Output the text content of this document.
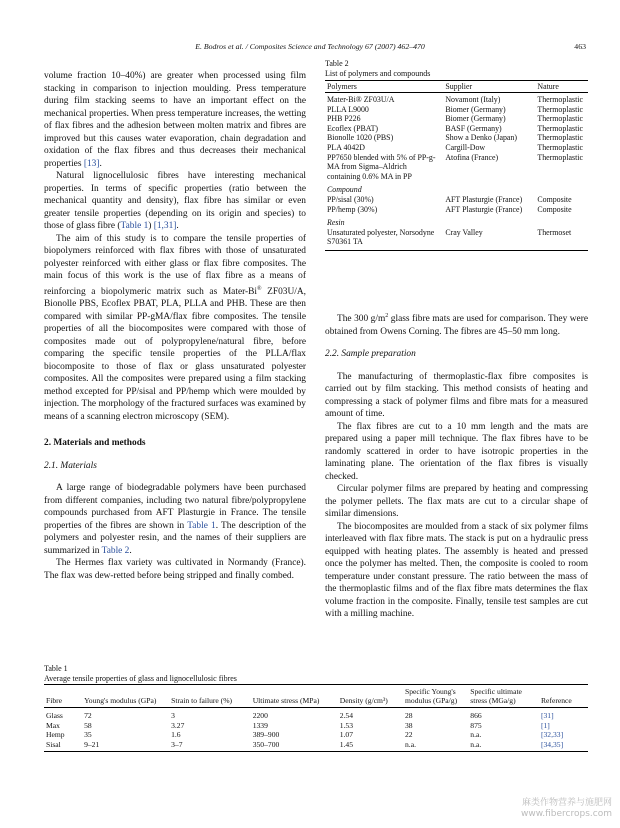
E. Bodros et al. / Composites Science and Technology 67 (2007) 462–470	463

volume fraction 10–40%) are greater when processed using film stacking in comparison to injection moulding. Press temperature during film stacking seems to have an important effect on the mechanical properties. When press temperature increases, the wetting of flax fibres and the adhesion between molten matrix and fibres are improved but this causes water evaporation, chain degradation and oxidation of the flax fibres and thus decreases their mechanical properties [13].

Natural lignocellulosic fibres have interesting mechanical properties. In terms of specific properties (ratio between the mechanical quantity and density), flax fibre has similar or even greater tensile properties (depending on its origin and species) to those of glass fibre (Table 1) [1,31].

The aim of this study is to compare the tensile properties of biopolymers reinforced with flax fibres with those of unsaturated polyester reinforced with either glass or flax fibre composites. The main focus of this work is the use of flax fibre as a means of reinforcing a biopolymeric matrix such as Mater-Bi® ZF03U/A, Bionolle PBS, Ecoflex PBAT, PLA, PLLA and PHB. These are then compared with similar PP-gMA/flax fibre composites. The tensile properties of all the biocomposites were compared with those of composites made out of polypropylene/natural fibre, before comparing the specific tensile properties of the PLLA/flax biocomposite to those of flax or glass unsaturated polyester composites. All the composites were prepared using a film stacking method excepted for PP/sisal and PP/hemp which were moulded by injection. The morphology of the fractured surfaces was examined by means of a scanning electron microscopy (SEM).

2. Materials and methods

2.1. Materials

A large range of biodegradable polymers have been purchased from different companies, including two natural fibre/polypropylene compounds purchased from AFT Plasturgie in France. The tensile properties of the fibres are shown in Table 1. The description of the polymers and polyester resin, and the names of their suppliers are summarized in Table 2.

The Hermes flax variety was cultivated in Normandy (France). The flax was dew-retted before being stripped and finally combed.

Table 2
List of polymers and compounds
Polymers	Supplier	Nature

Mater-Bi® ZF03U/A	Novamont (Italy)	Thermoplastic
PLLA L9000	Biomer (Germany)	Thermoplastic
PHB P226	Biomer (Germany)	Thermoplastic
Ecoflex (PBAT)	BASF (Germany)	Thermoplastic
Bionolle 1020 (PBS)	Show a Denko (Japan)	Thermoplastic
PLA 4042D	Cargill-Dow	Thermoplastic
PP7650 blended with 5% of PP-g-MA from Sigma–Aldrich containing 0.6% MA in PP	Atofina (France)	Thermoplastic
Compound		
PP/sisal (30%)	AFT Plasturgie (France)	Composite
PP/hemp (30%)	AFT Plasturgie (France)	Composite
Resin		
Unsaturated polyester, Norsodyne S70361 TA	Cray Valley	Thermoset

The 300 $g/m^2$ glass fibre mats are used for comparison. They were obtained from Owens Corning. The fibres are 45–50 mm long.

2.2. Sample preparation

The manufacturing of thermoplastic-flax fibre composites is carried out by film stacking. This method consists of heating and compressing a stack of polymer films and fibre mats for a measured amount of time.

The flax fibres are cut to a 10 mm length and the mats are prepared using a paper mill technique. The flax fibres have to be randomly scattered in order to have isotropic properties in the laminating plane. The orientation of the flax fibres is visually checked.

Circular polymer films are prepared by heating and compressing the polymer pellets. The flax mats are cut to a circular shape of similar dimensions.

The biocomposites are moulded from a stack of six polymer films interleaved with flax fibre mats. The stack is put on a hydraulic press equipped with heating plates. The assembly is heated and pressed once the polymer has melted. Then, the composite is cooled to room temperature under constant pressure. The ratio between the mass of the thermoplastic films and of the flax fibre mats determines the flax volume fraction in the composite. Finally, tensile test samples are cut with a milling machine.

Table 1
Average tensile properties of glass and lignocellulosic fibres
Fibre	Young's modulus (GPa)	Strain to failure (%)	Ultimate stress (MPa)	Density (g/cm³)	Specific Young's modulus (GPa/g)	Specific ultimate stress (MGa/g)	Reference
Glass	72	3	2200	2.54	28	866	[31]
Max	58	3.27	1339	1.53	38	875	[1]
Hemp	35	1.6	389–900	1.07	22	n.a.	[32,33]
Sisal	9–21	3–7	350–700	1.45	n.a.	n.a.	[34,35]
麻类作物营养与施肥网
www.fibercrops.com
